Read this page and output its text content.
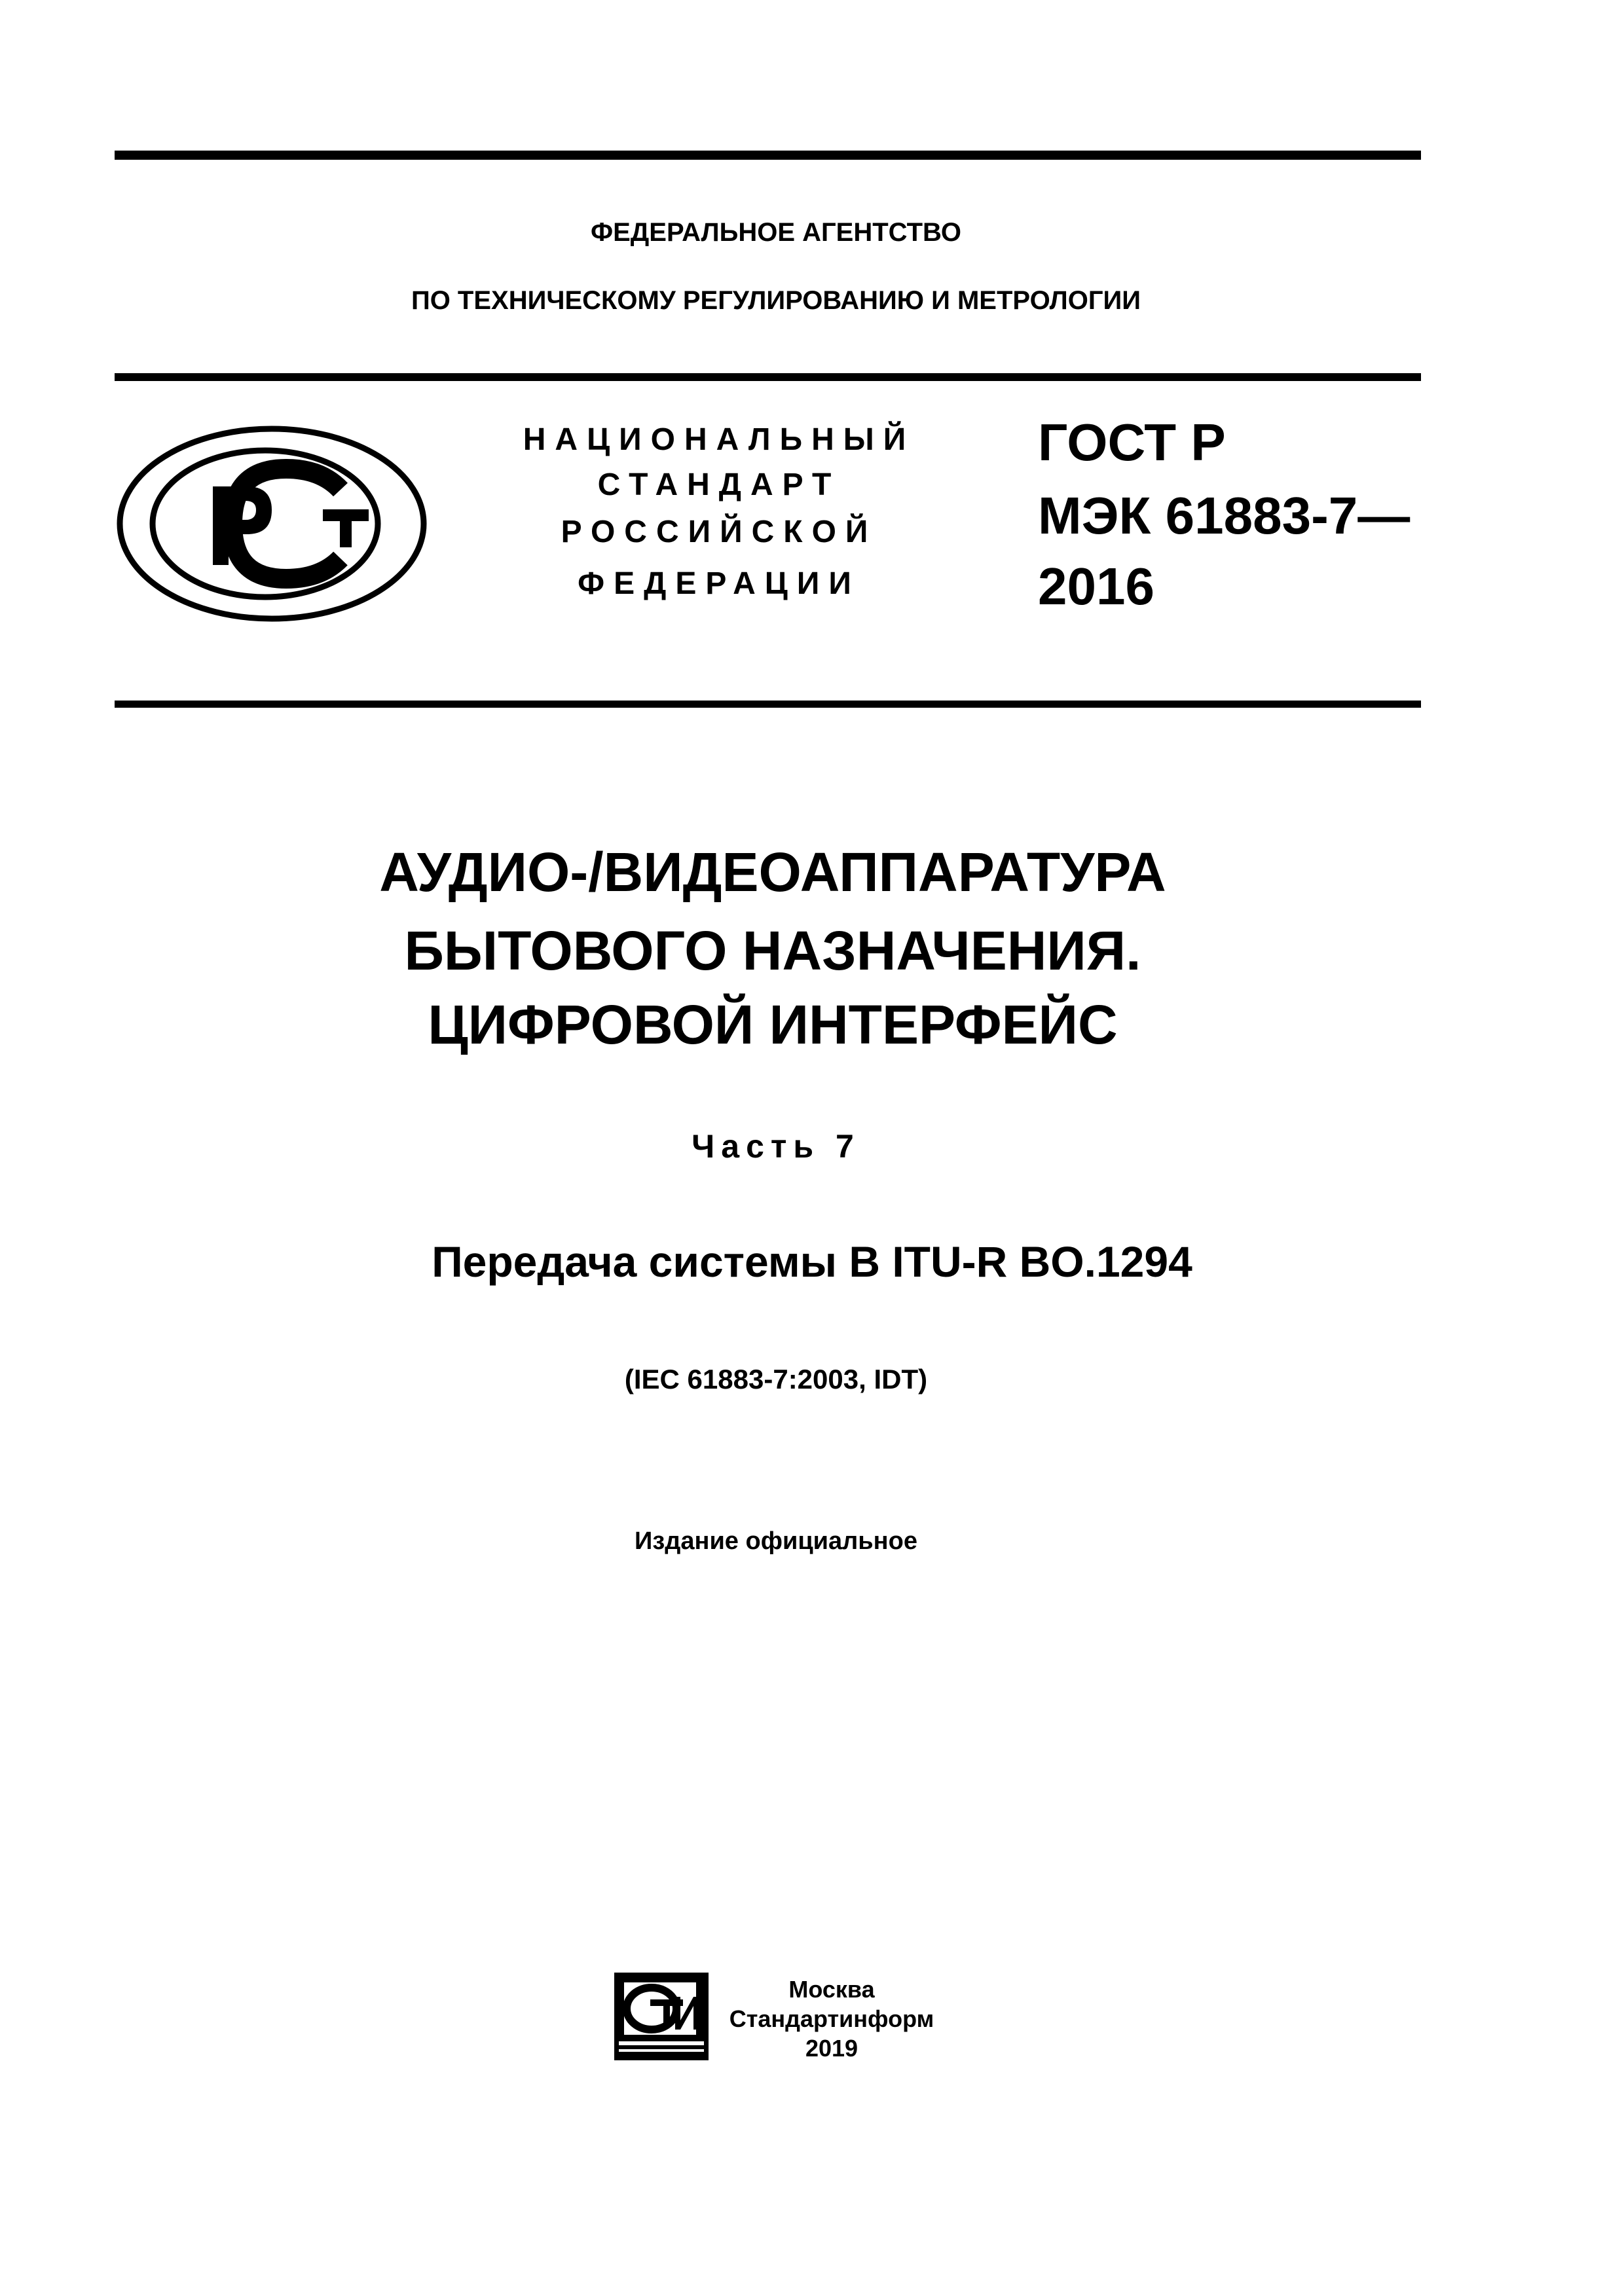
ФЕДЕРАЛЬНОЕ АГЕНТСТВО
ПО ТЕХНИЧЕСКОМУ РЕГУЛИРОВАНИЮ И МЕТРОЛОГИИ
НАЦИОНАЛЬНЫЙ
СТАНДАРТ
РОССИЙСКОЙ
ФЕДЕРАЦИИ
ГОСТ Р
МЭК 61883-7—
2016
АУДИО-/ВИДЕОАППАРАТУРА
БЫТОВОГО НАЗНАЧЕНИЯ.
ЦИФРОВОЙ ИНТЕРФЕЙС
Часть 7
Передача системы B ITU-R BO.1294
(IEC 61883-7:2003, IDT)
Издание официальное
Москва
Стандартинформ
2019
